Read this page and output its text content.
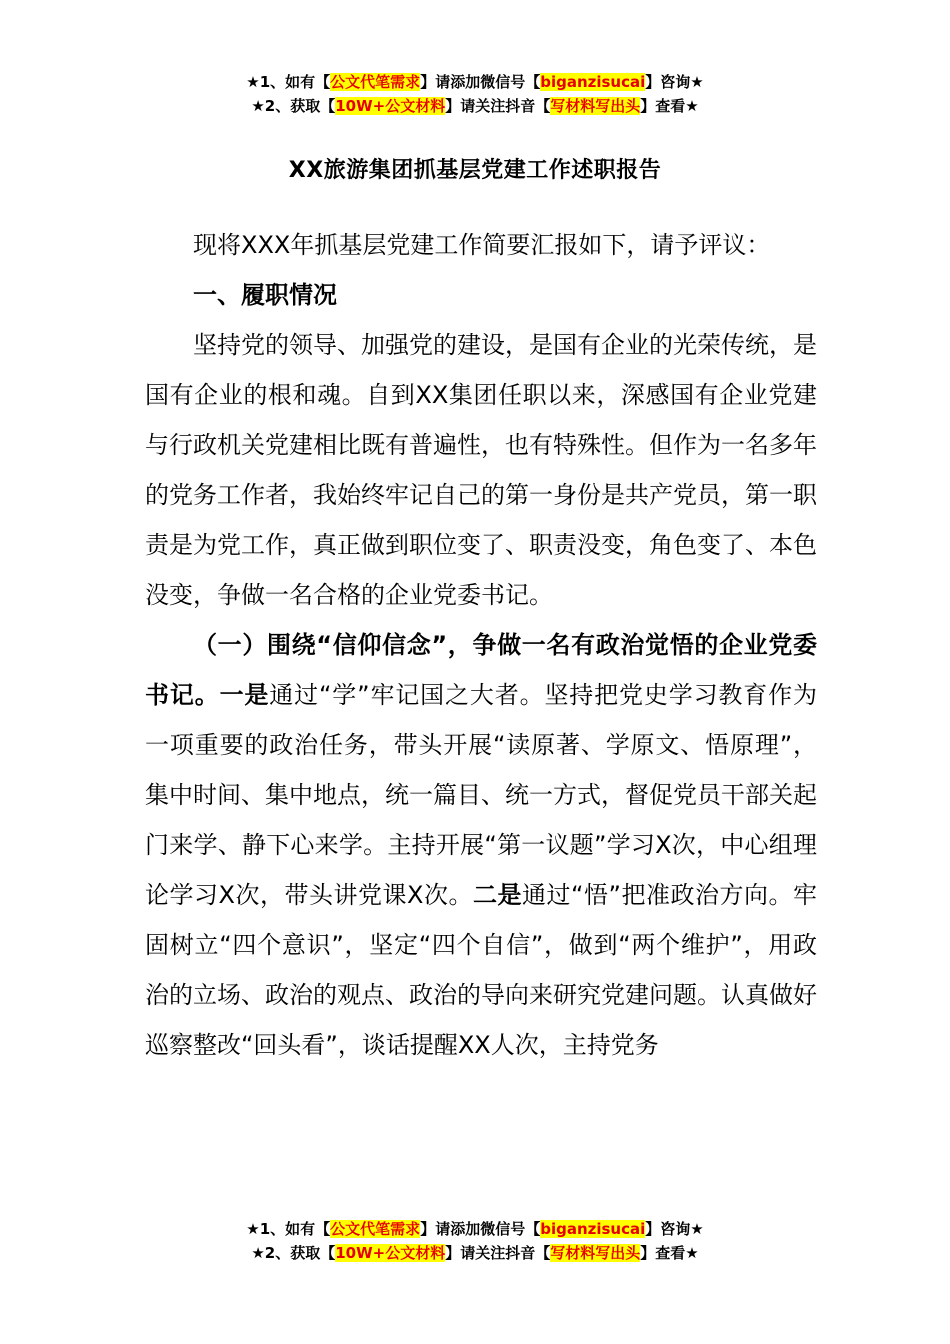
★1、如有【公文代笔需求】请添加微信号【biganzisucai】咨询★
★2、获取【10W+公文材料】请关注抖音【写材料写出头】查看★
XX旅游集团抓基层党建工作述职报告

现将XXX年抓基层党建工作简要汇报如下，请予评议：

一、履职情况

坚持党的领导、加强党的建设，是国有企业的光荣传统，是国有企业的根和魂。自到XX集团任职以来，深感国有企业党建与行政机关党建相比既有普遍性，也有特殊性。但作为一名多年的党务工作者，我始终牢记自己的第一身份是共产党员，第一职责是为党工作，真正做到职位变了、职责没变，角色变了、本色没变，争做一名合格的企业党委书记。

（一）围绕“信仰信念”，争做一名有政治觉悟的企业党委书记。一是通过“学”牢记国之大者。坚持把党史学习教育作为一项重要的政治任务，带头开展“读原著、学原文、悟原理”，集中时间、集中地点，统一篇目、统一方式，督促党员干部关起门来学、静下心来学。主持开展“第一议题”学习X次，中心组理论学习X次，带头讲党课X次。二是通过“悟”把准政治方向。牢固树立“四个意识”，坚定“四个自信”，做到“两个维护”，用政治的立场、政治的观点、政治的导向来研究党建问题。认真做好巡察整改“回头看”，谈话提醒XX人次，主持党务

★1、如有【公文代笔需求】请添加微信号【biganzisucai】咨询★
★2、获取【10W+公文材料】请关注抖音【写材料写出头】查看★
